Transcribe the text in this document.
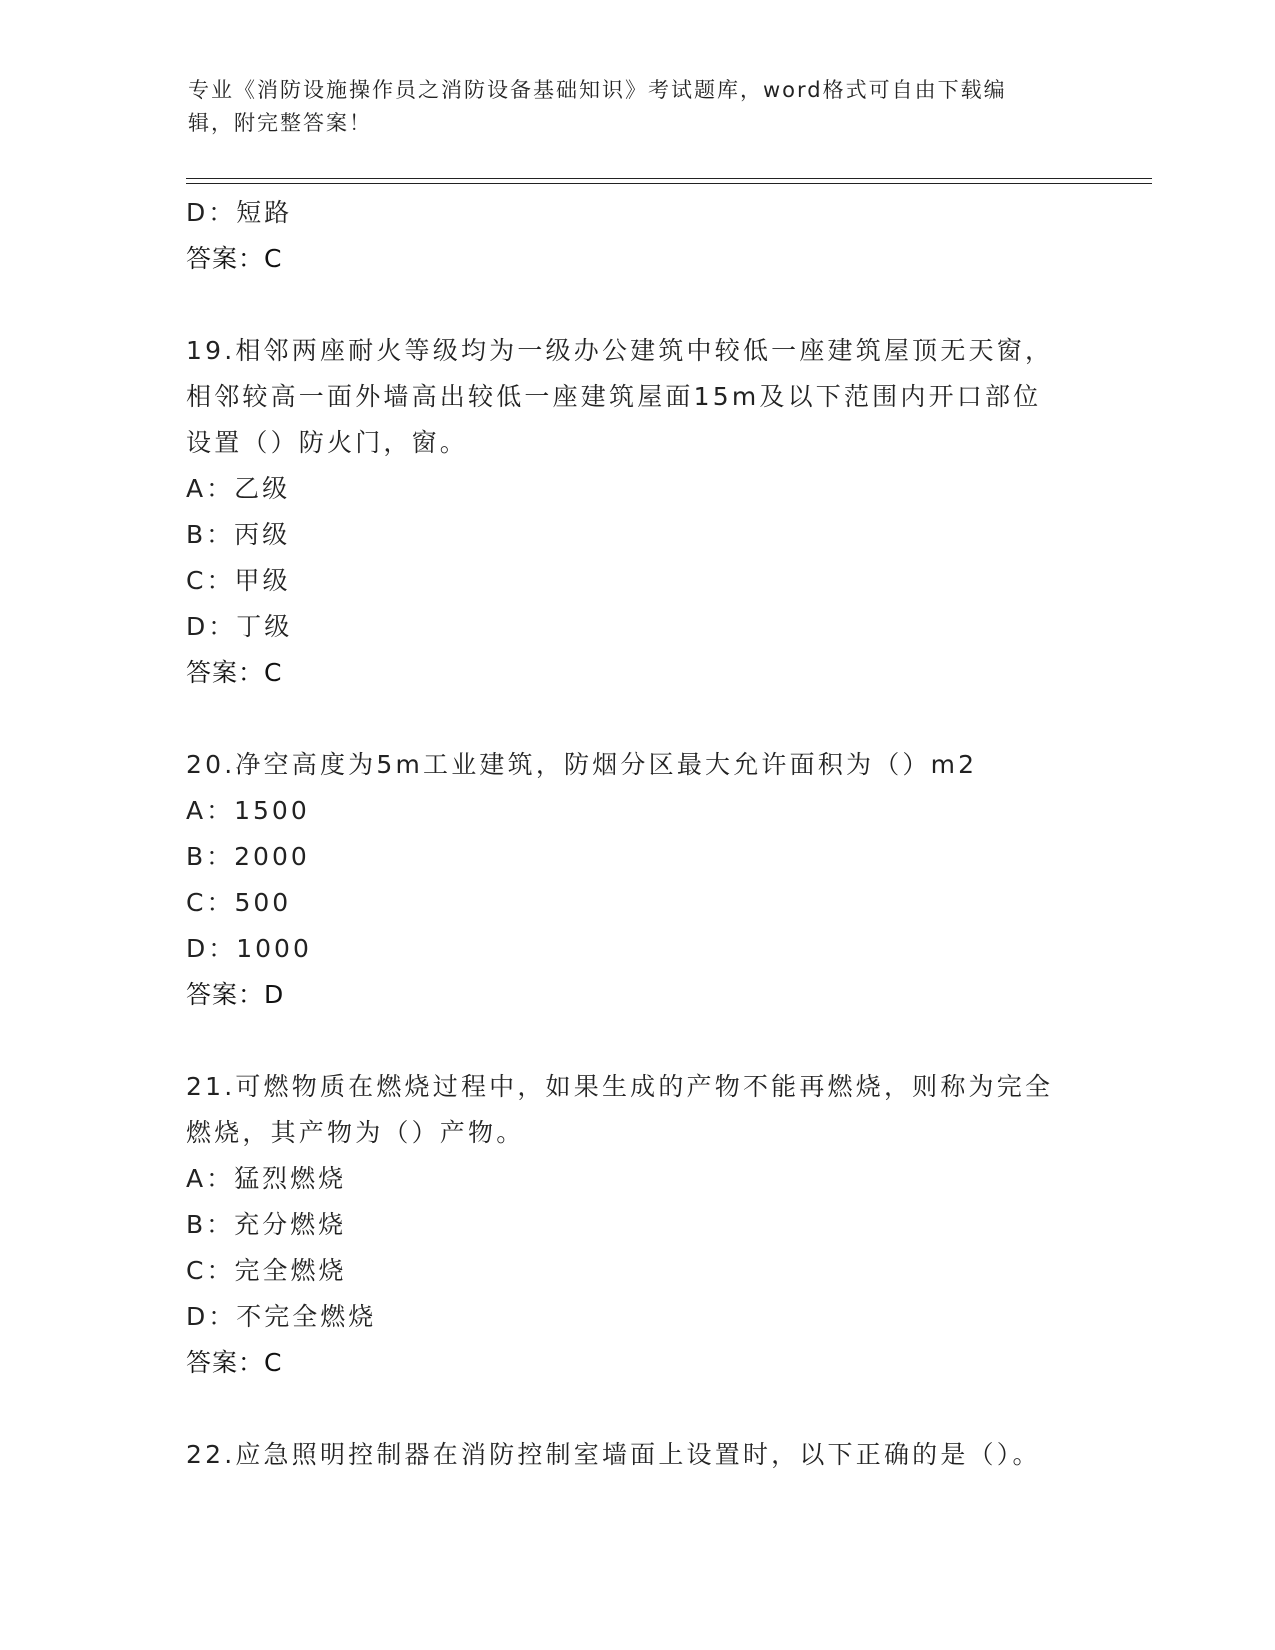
专业《消防设施操作员之消防设备基础知识》考试题库，word格式可自由下载编
辑，附完整答案！
D：短路
答案：C
19.相邻两座耐火等级均为一级办公建筑中较低一座建筑屋顶无天窗，
相邻较高一面外墙高出较低一座建筑屋面15m及以下范围内开口部位
设置（）防火门，窗。
A：乙级
B：丙级
C：甲级
D：丁级
答案：C
20.净空高度为5m工业建筑，防烟分区最大允许面积为（）m2
A：1500
B：2000
C：500
D：1000
答案：D
21.可燃物质在燃烧过程中，如果生成的产物不能再燃烧，则称为完全
燃烧，其产物为（）产物。
A：猛烈燃烧
B：充分燃烧
C：完全燃烧
D：不完全燃烧
答案：C
22.应急照明控制器在消防控制室墙面上设置时，以下正确的是（）。
